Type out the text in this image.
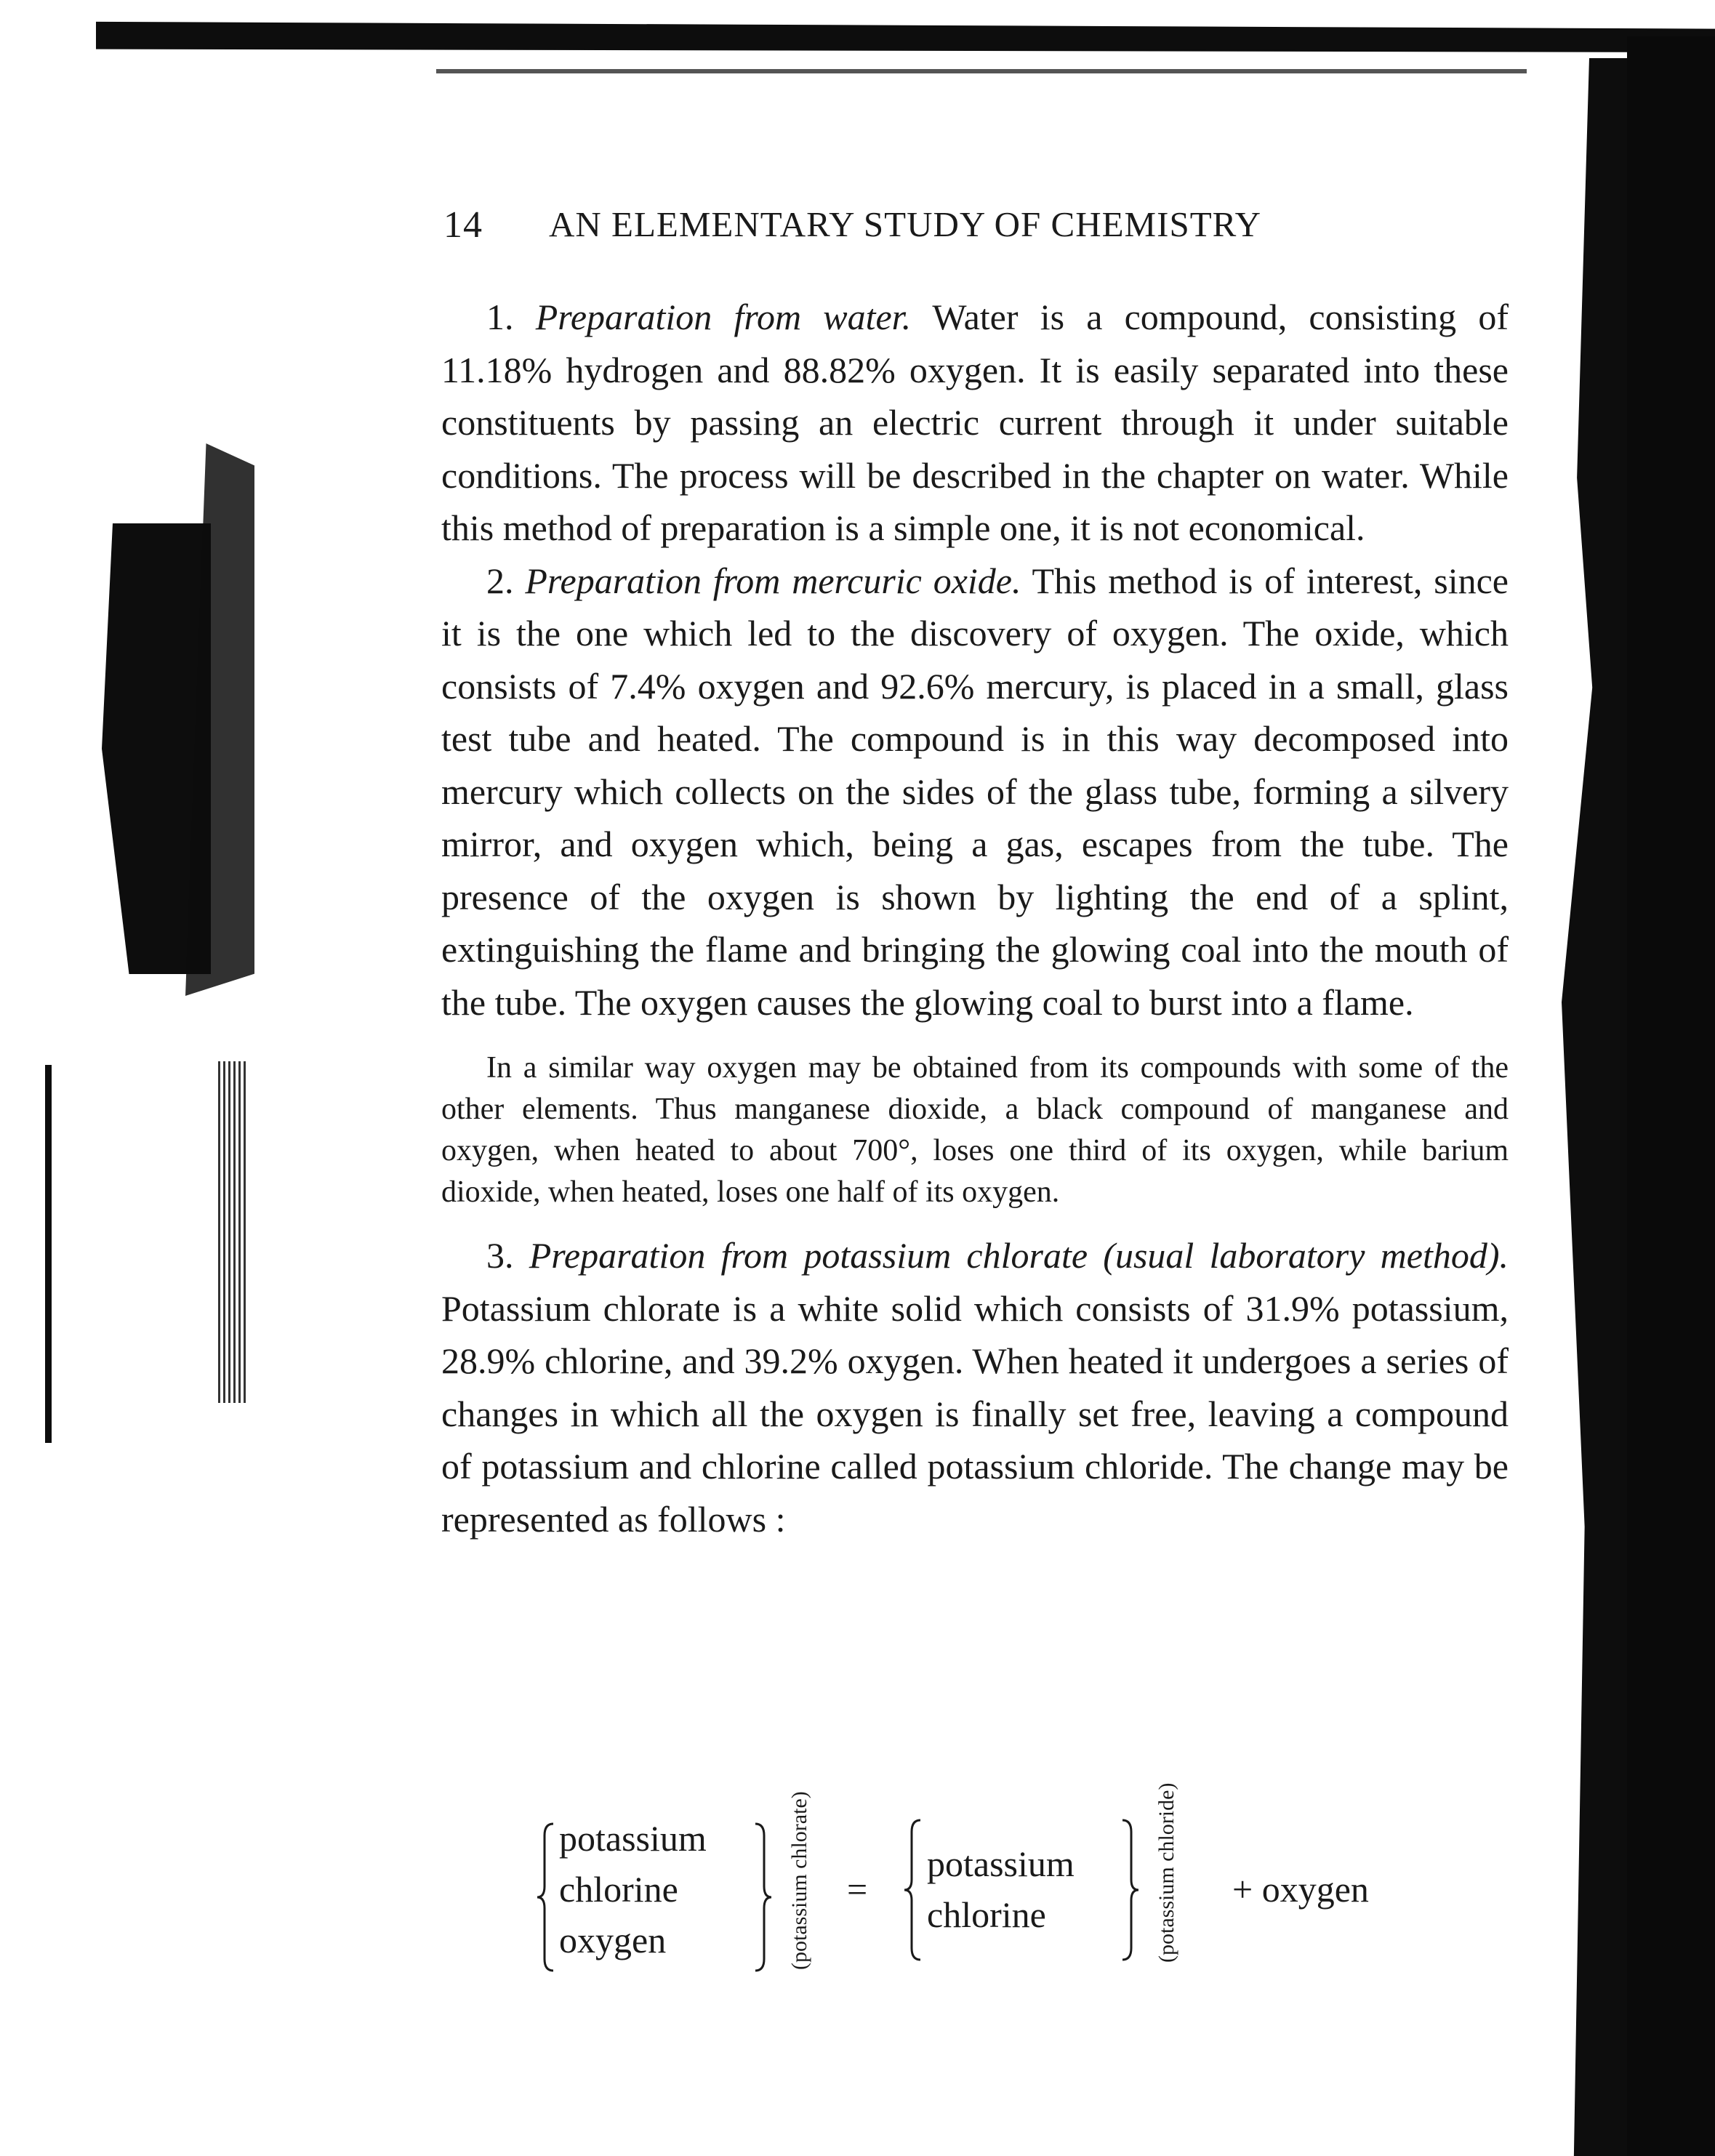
14 AN ELEMENTARY STUDY OF CHEMISTRY

1. Preparation from water. Water is a compound, consisting of 11.18% hydrogen and 88.82% oxygen. It is easily separated into these constituents by passing an electric current through it under suitable conditions. The process will be described in the chapter on water. While this method of preparation is a simple one, it is not economical.

2. Preparation from mercuric oxide. This method is of interest, since it is the one which led to the discovery of oxygen. The oxide, which consists of 7.4% oxygen and 92.6% mercury, is placed in a small, glass test tube and heated. The compound is in this way decomposed into mercury which collects on the sides of the glass tube, forming a silvery mirror, and oxygen which, being a gas, escapes from the tube. The presence of the oxygen is shown by lighting the end of a splint, extinguishing the flame and bringing the glowing coal into the mouth of the tube. The oxygen causes the glowing coal to burst into a flame.

In a similar way oxygen may be obtained from its compounds with some of the other elements. Thus manganese dioxide, a black compound of manganese and oxygen, when heated to about 700°, loses one third of its oxygen, while barium dioxide, when heated, loses one half of its oxygen.

3. Preparation from potassium chlorate (usual laboratory method). Potassium chlorate is a white solid which consists of 31.9% potassium, 28.9% chlorine, and 39.2% oxygen. When heated it undergoes a series of changes in which all the oxygen is finally set free, leaving a compound of potassium and chlorine called potassium chloride. The change may be represented as follows :

potassium
chlorine
oxygen	(potassium chlorate) =
potassium
chlorine	(potassium chloride) + oxygen
